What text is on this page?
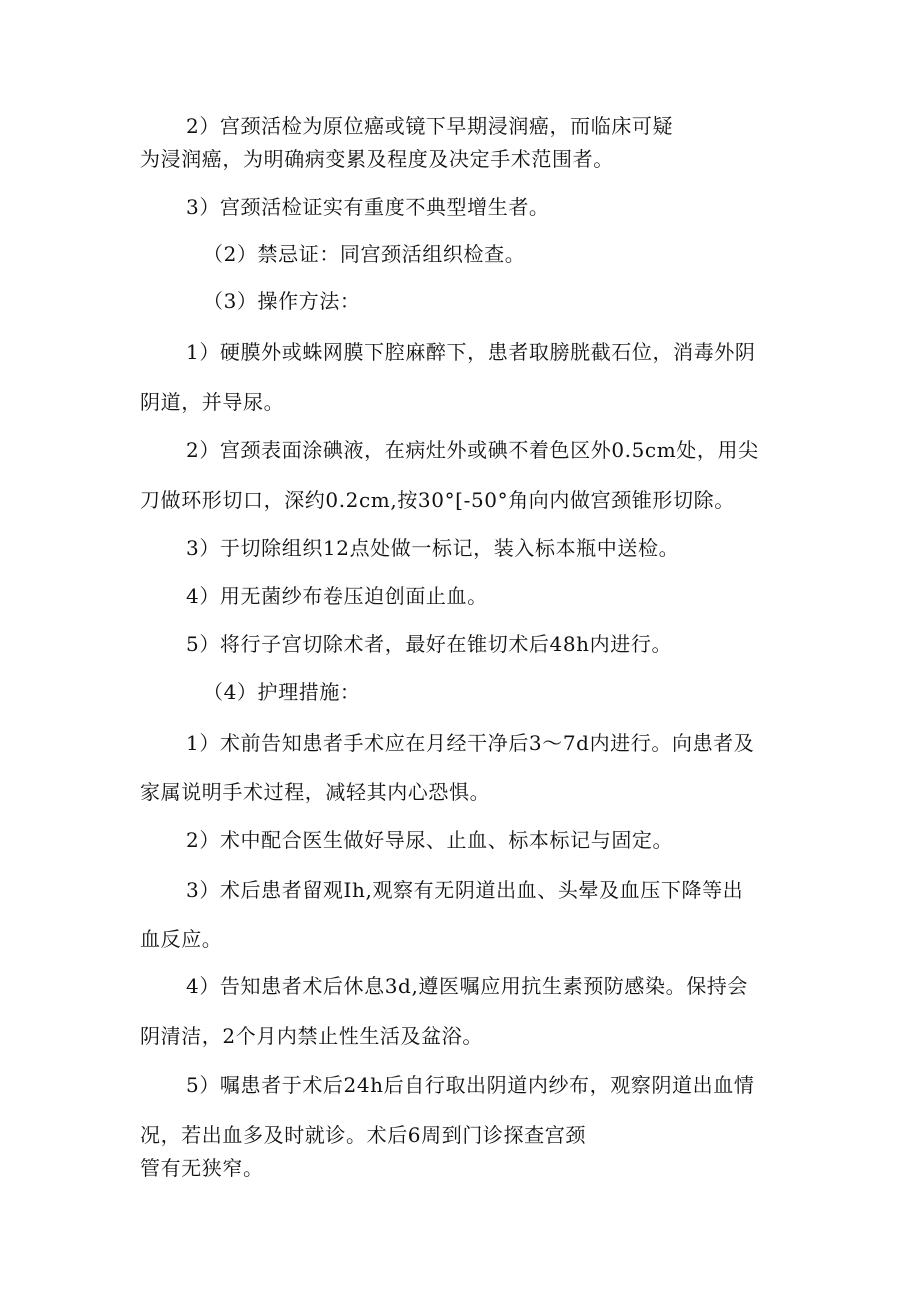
2）宫颈活检为原位癌或镜下早期浸润癌，而临床可疑
为浸润癌，为明确病变累及程度及决定手术范围者。
3）宫颈活检证实有重度不典型增生者。
（2）禁忌证：同宫颈活组织检查。
（3）操作方法：
1）硬膜外或蛛网膜下腔麻醉下，患者取膀胱截石位，消毒外阴
阴道，并导尿。
2）宫颈表面涂碘液，在病灶外或碘不着色区外0.5cm处，用尖
刀做环形切口，深约0.2cm,按30°[-50°角向内做宫颈锥形切除。
3）于切除组织12点处做一标记，装入标本瓶中送检。
4）用无菌纱布卷压迫创面止血。
5）将行子宫切除术者，最好在锥切术后48h内进行。
（4）护理措施：
1）术前告知患者手术应在月经干净后3～7d内进行。向患者及
家属说明手术过程，减轻其内心恐惧。
2）术中配合医生做好导尿、止血、标本标记与固定。
3）术后患者留观Ih,观察有无阴道出血、头晕及血压下降等出
血反应。
4）告知患者术后休息3d,遵医嘱应用抗生素预防感染。保持会
阴清洁，2个月内禁止性生活及盆浴。
5）嘱患者于术后24h后自行取出阴道内纱布，观察阴道出血情
况，若出血多及时就诊。术后6周到门诊探查宫颈
管有无狭窄。
